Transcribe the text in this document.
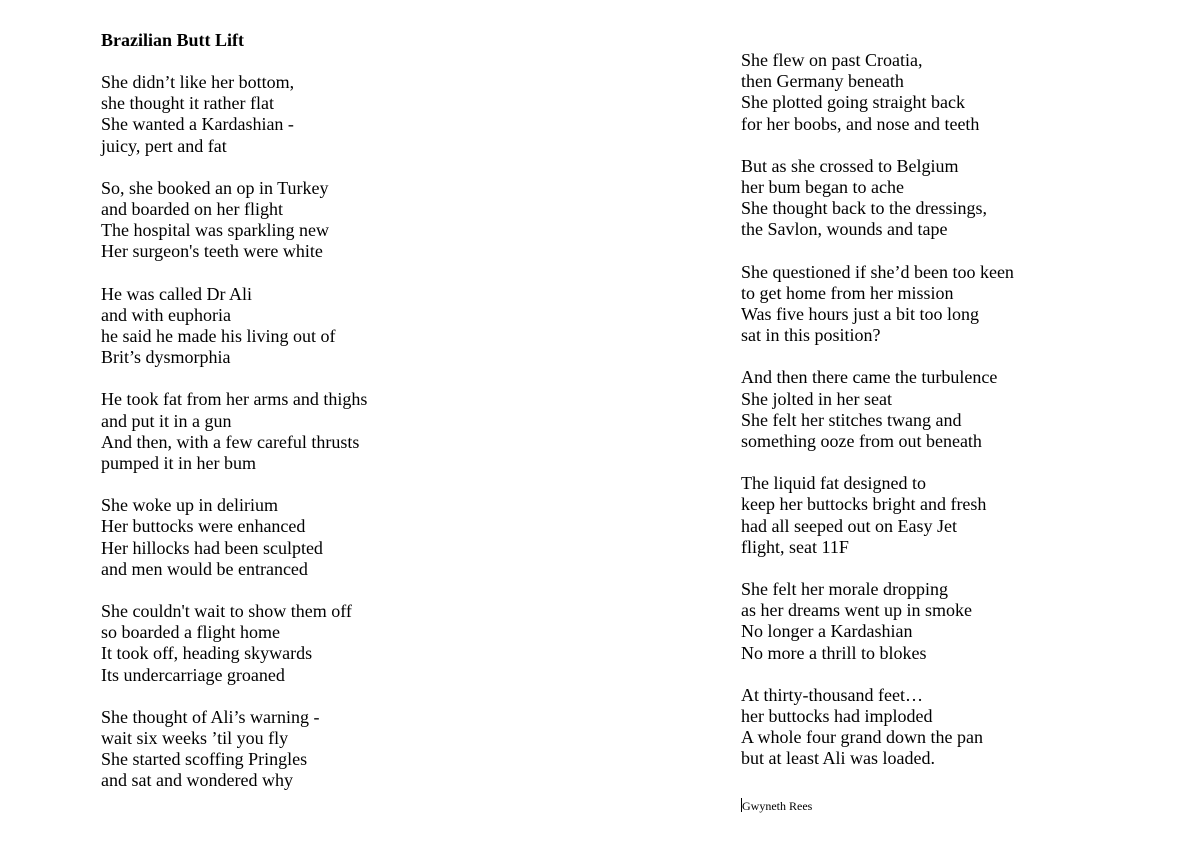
Brazilian Butt Lift
She didn’t like her bottom,
she thought it rather flat
She wanted a Kardashian -
juicy, pert and fat
So, she booked an op in Turkey
and boarded on her flight
The hospital was sparkling new
Her surgeon's teeth were white
He was called Dr Ali
and with euphoria
he said he made his living out of
Brit’s dysmorphia
He took fat from her arms and thighs
and put it in a gun
And then, with a few careful thrusts
pumped it in her bum
She woke up in delirium
Her buttocks were enhanced
Her hillocks had been sculpted
and men would be entranced
She couldn't wait to show them off
so boarded a flight home
It took off, heading skywards
Its undercarriage groaned
She thought of Ali’s warning -
wait six weeks ’til you fly
She started scoffing Pringles
and sat and wondered why
She flew on past Croatia,
then Germany beneath
She plotted going straight back
for her boobs, and nose and teeth
But as she crossed to Belgium
her bum began to ache
She thought back to the dressings,
the Savlon, wounds and tape
She questioned if she’d been too keen
to get home from her mission
Was five hours just a bit too long
sat in this position?
And then there came the turbulence
She jolted in her seat
She felt her stitches twang and
something ooze from out beneath
The liquid fat designed to
keep her buttocks bright and fresh
had all seeped out on Easy Jet
flight, seat 11F
She felt her morale dropping
as her dreams went up in smoke
No longer a Kardashian
No more a thrill to blokes
At thirty-thousand feet…
her buttocks had imploded
A whole four grand down the pan
but at least Ali was loaded.
Gwyneth Rees
